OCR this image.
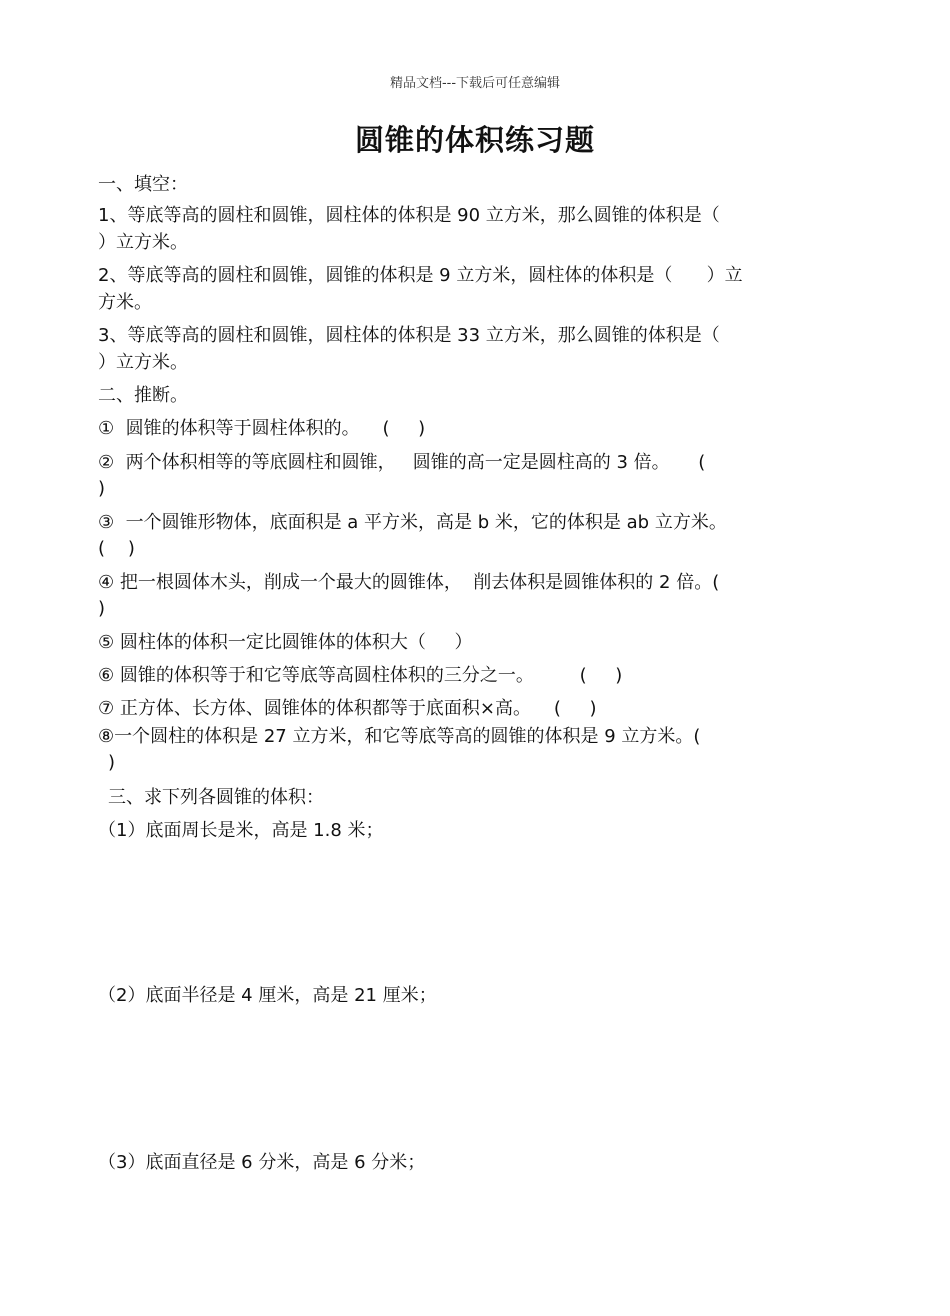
精品文档---下载后可任意编辑
圆锥的体积练习题
一、填空：
1、等底等高的圆柱和圆锥，圆柱体的体积是 90 立方米，那么圆锥的体积是（
）立方米。
2、等底等高的圆柱和圆锥，圆锥的体积是 9 立方米，圆柱体的体积是（      ）立
方米。
3、等底等高的圆柱和圆锥，圆柱体的体积是 33 立方米，那么圆锥的体积是（
）立方米。
二、推断。
①  圆锥的体积等于圆柱体积的。    (     )
②  两个体积相等的等底圆柱和圆锥，   圆锥的高一定是圆柱高的 3 倍。     (
)
③  一个圆锥形物体，底面积是 a 平方米，高是 b 米，它的体积是 ab 立方米。
(    )
④ 把一根圆体木头，削成一个最大的圆锥体，  削去体积是圆锥体积的 2 倍。(
)
⑤ 圆柱体的体积一定比圆锥体的体积大（     ）
⑥ 圆锥的体积等于和它等底等高圆柱体积的三分之一。        (     )
⑦ 正方体、长方体、圆锥体的体积都等于底面积×高。    (     )
⑧一个圆柱的体积是 27 立方米，和它等底等高的圆锥的体积是 9 立方米。(
)
三、求下列各圆锥的体积：
（1）底面周长是米，高是 1.8 米；
（2）底面半径是 4 厘米，高是 21 厘米；
（3）底面直径是 6 分米，高是 6 分米；
